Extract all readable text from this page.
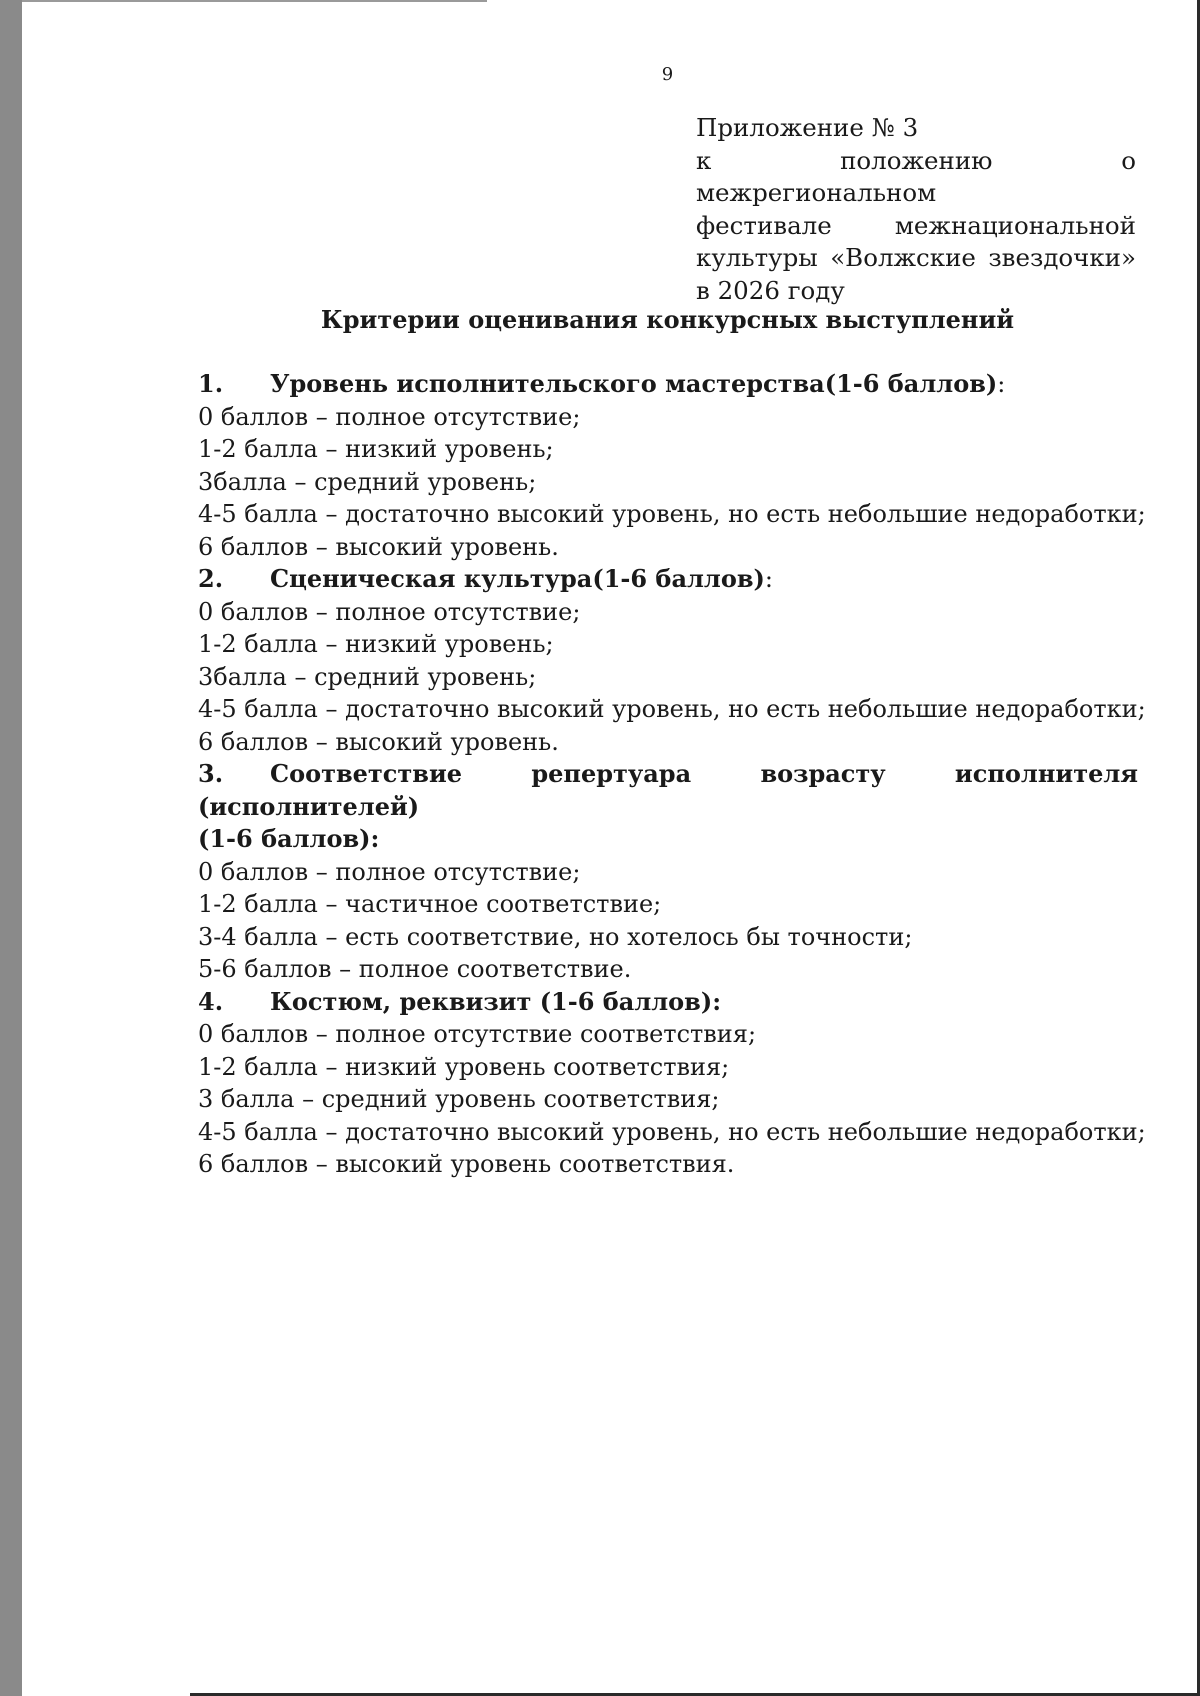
9
Приложение № 3
к положению о межрегиональном
фестивале межнациональной
культуры «Волжские звездочки»
в 2026 году
Критерии оценивания конкурсных выступлений
1. Уровень исполнительского мастерства(1-6 баллов):
0 баллов – полное отсутствие;
1-2 балла – низкий уровень;
3балла – средний уровень;
4-5 балла – достаточно высокий уровень, но есть небольшие недоработки;
6 баллов – высокий уровень.
2. Сценическая культура(1-6 баллов):
0 баллов – полное отсутствие;
1-2 балла – низкий уровень;
3балла – средний уровень;
4-5 балла – достаточно высокий уровень, но есть небольшие недоработки;
6 баллов – высокий уровень.
3. Соответствие репертуара возрасту исполнителя (исполнителей)
(1-6 баллов):
0 баллов – полное отсутствие;
1-2 балла – частичное соответствие;
3-4 балла – есть соответствие, но хотелось бы точности;
5-6 баллов – полное соответствие.
4. Костюм, реквизит (1-6 баллов):
0 баллов – полное отсутствие соответствия;
1-2 балла – низкий уровень соответствия;
3 балла – средний уровень соответствия;
4-5 балла – достаточно высокий уровень, но есть небольшие недоработки;
6 баллов – высокий уровень соответствия.
